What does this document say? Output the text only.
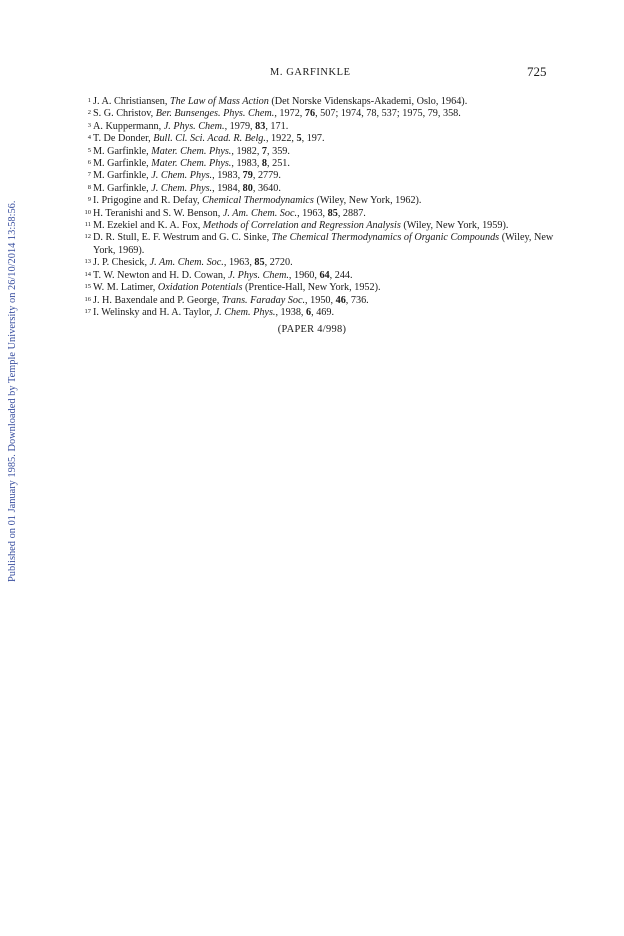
Published on 01 January 1985. Downloaded by Temple University on 26/10/2014 13:58:56.
M. GARFINKLE	725
1 J. A. Christiansen, The Law of Mass Action (Det Norske Videnskaps-Akademi, Oslo, 1964).
2 S. G. Christov, Ber. Bunsenges. Phys. Chem., 1972, 76, 507; 1974, 78, 537; 1975, 79, 358.
3 A. Kuppermann, J. Phys. Chem., 1979, 83, 171.
4 T. De Donder, Bull. Cl. Sci. Acad. R. Belg., 1922, 5, 197.
5 M. Garfinkle, Mater. Chem. Phys., 1982, 7, 359.
6 M. Garfinkle, Mater. Chem. Phys., 1983, 8, 251.
7 M. Garfinkle, J. Chem. Phys., 1983, 79, 2779.
8 M. Garfinkle, J. Chem. Phys., 1984, 80, 3640.
9 I. Prigogine and R. Defay, Chemical Thermodynamics (Wiley, New York, 1962).
10 H. Teranishi and S. W. Benson, J. Am. Chem. Soc., 1963, 85, 2887.
11 M. Ezekiel and K. A. Fox, Methods of Correlation and Regression Analysis (Wiley, New York, 1959).
12 D. R. Stull, E. F. Westrum and G. C. Sinke, The Chemical Thermodynamics of Organic Compounds (Wiley, New York, 1969).
13 J. P. Chesick, J. Am. Chem. Soc., 1963, 85, 2720.
14 T. W. Newton and H. D. Cowan, J. Phys. Chem., 1960, 64, 244.
15 W. M. Latimer, Oxidation Potentials (Prentice-Hall, New York, 1952).
16 J. H. Baxendale and P. George, Trans. Faraday Soc., 1950, 46, 736.
17 I. Welinsky and H. A. Taylor, J. Chem. Phys., 1938, 6, 469.
(PAPER 4/998)
